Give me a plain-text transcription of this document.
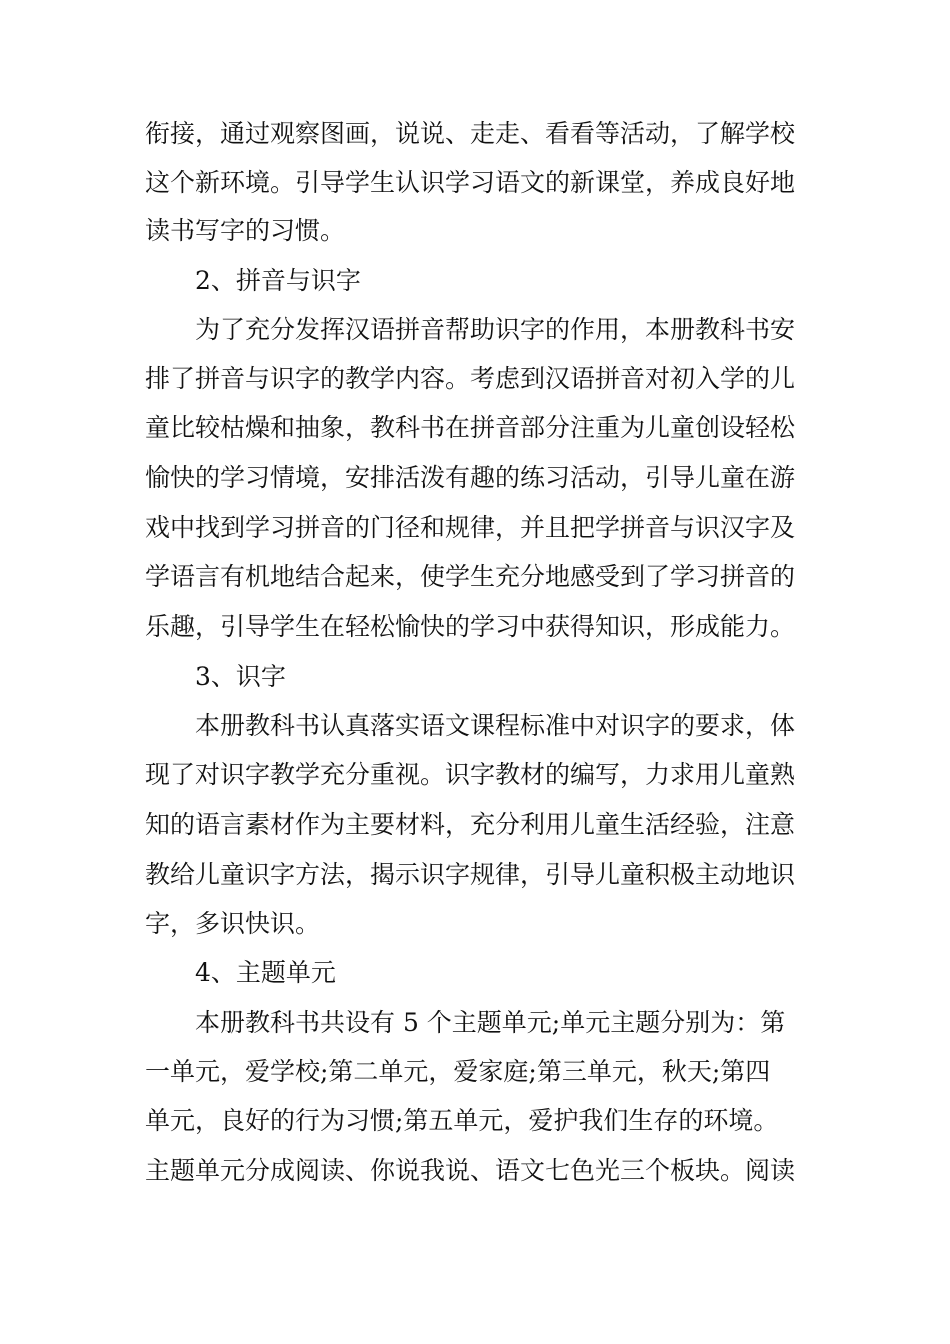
衔接，通过观察图画，说说、走走、看看等活动，了解学校
这个新环境。引导学生认识学习语文的新课堂，养成良好地
读书写字的习惯。
2、拼音与识字
为了充分发挥汉语拼音帮助识字的作用，本册教科书安
排了拼音与识字的教学内容。考虑到汉语拼音对初入学的儿
童比较枯燥和抽象，教科书在拼音部分注重为儿童创设轻松
愉快的学习情境，安排活泼有趣的练习活动，引导儿童在游
戏中找到学习拼音的门径和规律，并且把学拼音与识汉字及
学语言有机地结合起来，使学生充分地感受到了学习拼音的
乐趣，引导学生在轻松愉快的学习中获得知识，形成能力。
3、识字
本册教科书认真落实语文课程标准中对识字的要求，体
现了对识字教学充分重视。识字教材的编写，力求用儿童熟
知的语言素材作为主要材料，充分利用儿童生活经验，注意
教给儿童识字方法，揭示识字规律，引导儿童积极主动地识
字，多识快识。
4、主题单元
本册教科书共设有 5 个主题单元;单元主题分别为：第
一单元，爱学校;第二单元，爱家庭;第三单元，秋天;第四
单元，良好的行为习惯;第五单元，爱护我们生存的环境。
主题单元分成阅读、你说我说、语文七色光三个板块。阅读
